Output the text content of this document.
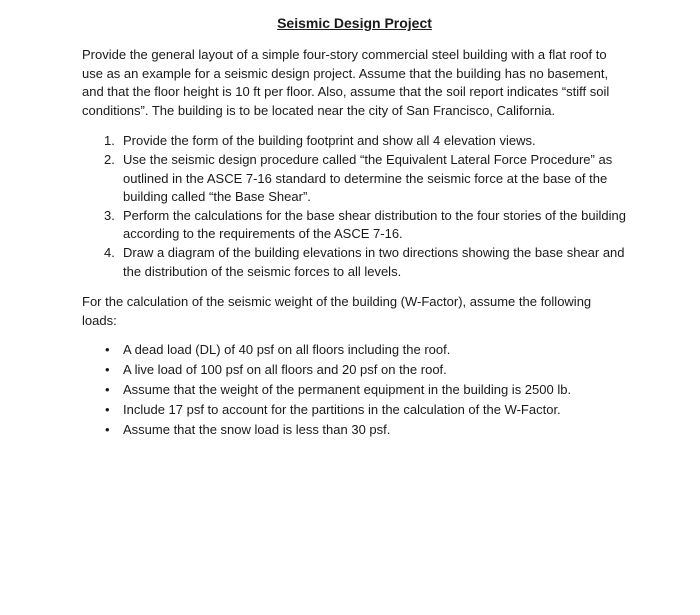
Seismic Design Project

Provide the general layout of a simple four-story commercial steel building with a flat roof to use as an example for a seismic design project. Assume that the building has no basement, and that the floor height is 10 ft per floor. Also, assume that the soil report indicates “stiff soil conditions”. The building is to be located near the city of San Francisco, California.

1. Provide the form of the building footprint and show all 4 elevation views.
2. Use the seismic design procedure called “the Equivalent Lateral Force Procedure” as outlined in the ASCE 7-16 standard to determine the seismic force at the base of the building called “the Base Shear”.
3. Perform the calculations for the base shear distribution to the four stories of the building according to the requirements of the ASCE 7-16.
4. Draw a diagram of the building elevations in two directions showing the base shear and the distribution of the seismic forces to all levels.

For the calculation of the seismic weight of the building (W-Factor), assume the following loads:

• A dead load (DL) of 40 psf on all floors including the roof.
• A live load of 100 psf on all floors and 20 psf on the roof.
• Assume that the weight of the permanent equipment in the building is 2500 lb.
• Include 17 psf to account for the partitions in the calculation of the W-Factor.
• Assume that the snow load is less than 30 psf.
